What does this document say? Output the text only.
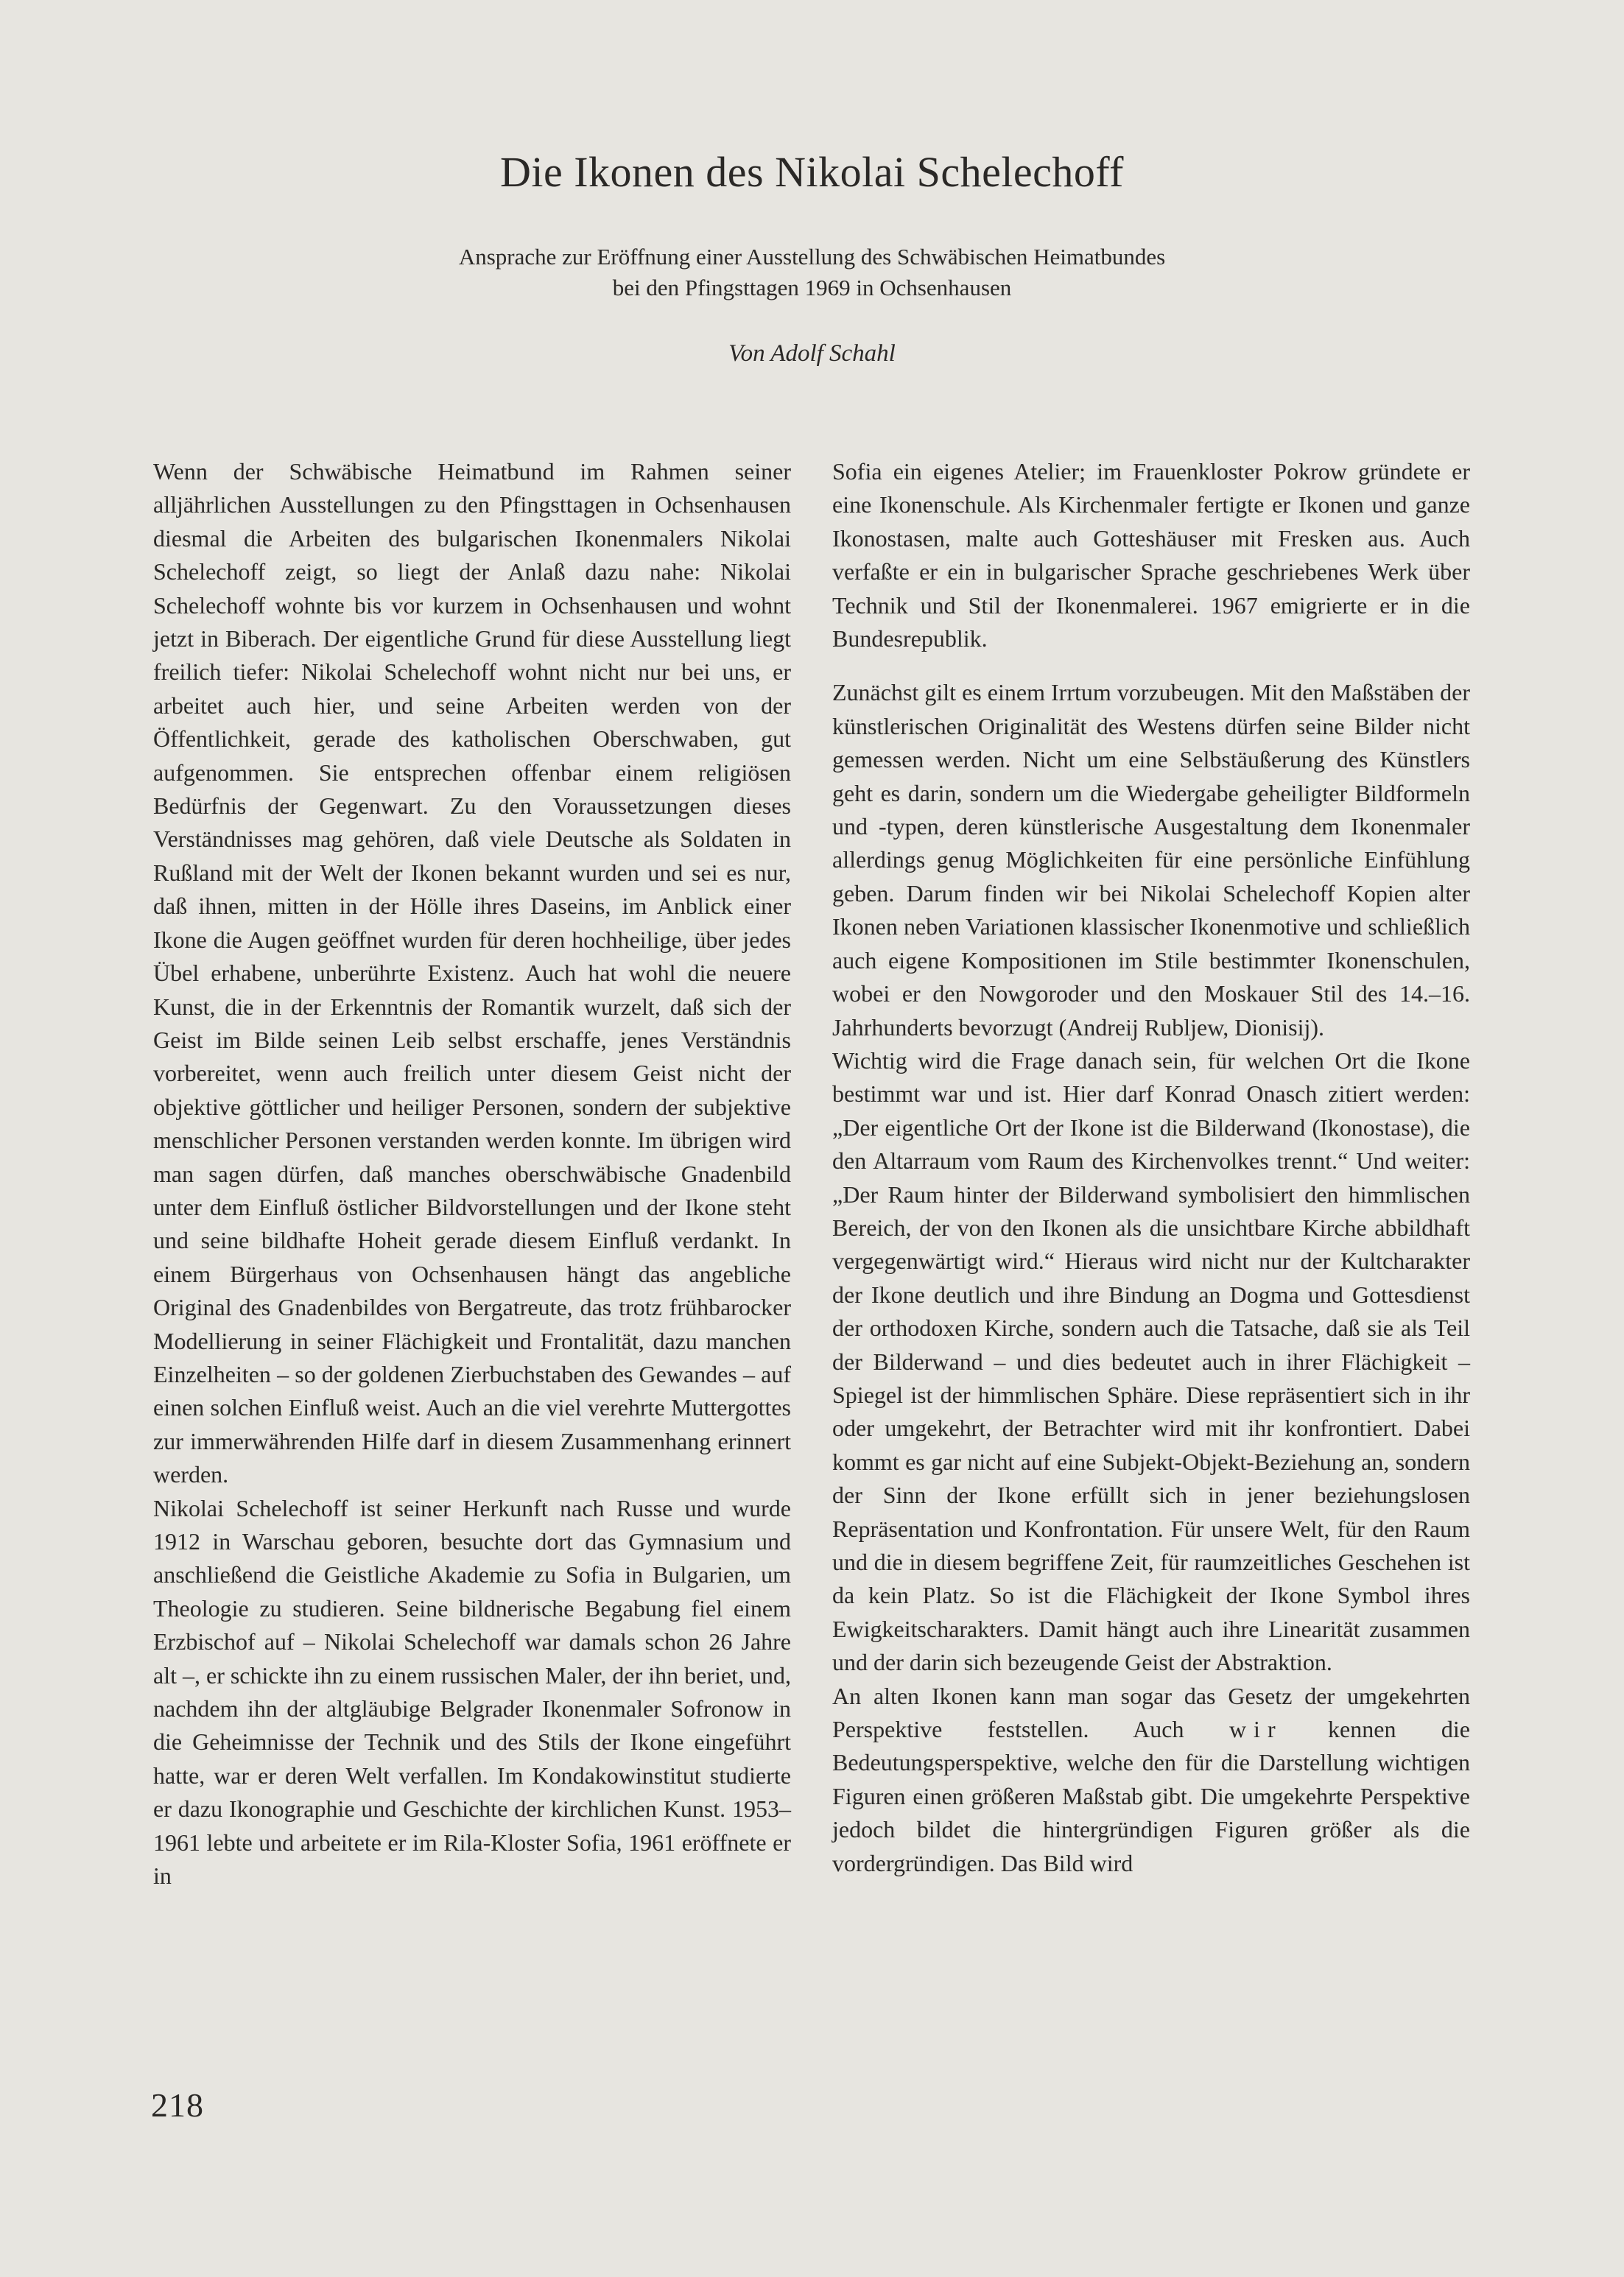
Die Ikonen des Nikolai Schelechoff
Ansprache zur Eröffnung einer Ausstellung des Schwäbischen Heimatbundes
bei den Pfingsttagen 1969 in Ochsenhausen
Von Adolf Schahl

Wenn der Schwäbische Heimatbund im Rahmen seiner alljährlichen Ausstellungen zu den Pfingsttagen in Ochsenhausen diesmal die Arbeiten des bulgarischen Ikonenmalers Nikolai Schelechoff zeigt, so liegt der Anlaß dazu nahe: Nikolai Schelechoff wohnte bis vor kurzem in Ochsenhausen und wohnt jetzt in Biberach. Der eigentliche Grund für diese Ausstellung liegt freilich tiefer: Nikolai Schelechoff wohnt nicht nur bei uns, er arbeitet auch hier, und seine Arbeiten werden von der Öffentlichkeit, gerade des katholischen Oberschwaben, gut aufgenommen. Sie entsprechen offenbar einem religiösen Bedürfnis der Gegenwart. Zu den Voraussetzungen dieses Verständnisses mag gehören, daß viele Deutsche als Soldaten in Rußland mit der Welt der Ikonen bekannt wurden und sei es nur, daß ihnen, mitten in der Hölle ihres Daseins, im Anblick einer Ikone die Augen geöffnet wurden für deren hochheilige, über jedes Übel erhabene, unberührte Existenz. Auch hat wohl die neuere Kunst, die in der Erkenntnis der Romantik wurzelt, daß sich der Geist im Bilde seinen Leib selbst erschaffe, jenes Verständnis vorbereitet, wenn auch freilich unter diesem Geist nicht der objektive göttlicher und heiliger Personen, sondern der subjektive menschlicher Personen verstanden werden konnte. Im übrigen wird man sagen dürfen, daß manches oberschwäbische Gnadenbild unter dem Einfluß östlicher Bildvorstellungen und der Ikone steht und seine bildhafte Hoheit gerade diesem Einfluß verdankt. In einem Bürgerhaus von Ochsenhausen hängt das angebliche Original des Gnadenbildes von Bergatreute, das trotz frühbarocker Modellierung in seiner Flächigkeit und Frontalität, dazu manchen Einzelheiten – so der goldenen Zierbuchstaben des Gewandes – auf einen solchen Einfluß weist. Auch an die viel verehrte Muttergottes zur immerwährenden Hilfe darf in diesem Zusammenhang erinnert werden.

Nikolai Schelechoff ist seiner Herkunft nach Russe und wurde 1912 in Warschau geboren, besuchte dort das Gymnasium und anschließend die Geistliche Akademie zu Sofia in Bulgarien, um Theologie zu studieren. Seine bildnerische Begabung fiel einem Erzbischof auf – Nikolai Schelechoff war damals schon 26 Jahre alt –, er schickte ihn zu einem russischen Maler, der ihn beriet, und, nachdem ihn der altgläubige Belgrader Ikonenmaler Sofronow in die Geheimnisse der Technik und des Stils der Ikone eingeführt hatte, war er deren Welt verfallen. Im Kondakowinstitut studierte er dazu Ikonographie und Geschichte der kirchlichen Kunst. 1953–1961 lebte und arbeitete er im Rila-Kloster Sofia, 1961 eröffnete er in

Sofia ein eigenes Atelier; im Frauenkloster Pokrow gründete er eine Ikonenschule. Als Kirchenmaler fertigte er Ikonen und ganze Ikonostasen, malte auch Gotteshäuser mit Fresken aus. Auch verfaßte er ein in bulgarischer Sprache geschriebenes Werk über Technik und Stil der Ikonenmalerei. 1967 emigrierte er in die Bundesrepublik.

Zunächst gilt es einem Irrtum vorzubeugen. Mit den Maßstäben der künstlerischen Originalität des Westens dürfen seine Bilder nicht gemessen werden. Nicht um eine Selbstäußerung des Künstlers geht es darin, sondern um die Wiedergabe geheiligter Bildformeln und -typen, deren künstlerische Ausgestaltung dem Ikonenmaler allerdings genug Möglichkeiten für eine persönliche Einfühlung geben. Darum finden wir bei Nikolai Schelechoff Kopien alter Ikonen neben Variationen klassischer Ikonenmotive und schließlich auch eigene Kompositionen im Stile bestimmter Ikonenschulen, wobei er den Nowgoroder und den Moskauer Stil des 14.–16. Jahrhunderts bevorzugt (Andreij Rubljew, Dionisij).

Wichtig wird die Frage danach sein, für welchen Ort die Ikone bestimmt war und ist. Hier darf Konrad Onasch zitiert werden: „Der eigentliche Ort der Ikone ist die Bilderwand (Ikonostase), die den Altarraum vom Raum des Kirchenvolkes trennt.“ Und weiter: „Der Raum hinter der Bilderwand symbolisiert den himmlischen Bereich, der von den Ikonen als die unsichtbare Kirche abbildhaft vergegenwärtigt wird.“ Hieraus wird nicht nur der Kultcharakter der Ikone deutlich und ihre Bindung an Dogma und Gottesdienst der orthodoxen Kirche, sondern auch die Tatsache, daß sie als Teil der Bilderwand – und dies bedeutet auch in ihrer Flächigkeit – Spiegel ist der himmlischen Sphäre. Diese repräsentiert sich in ihr oder umgekehrt, der Betrachter wird mit ihr konfrontiert. Dabei kommt es gar nicht auf eine Subjekt-Objekt-Beziehung an, sondern der Sinn der Ikone erfüllt sich in jener beziehungslosen Repräsentation und Konfrontation. Für unsere Welt, für den Raum und die in diesem begriffene Zeit, für raumzeitliches Geschehen ist da kein Platz. So ist die Flächigkeit der Ikone Symbol ihres Ewigkeitscharakters. Damit hängt auch ihre Linearität zusammen und der darin sich bezeugende Geist der Abstraktion.

An alten Ikonen kann man sogar das Gesetz der umgekehrten Perspektive feststellen. Auch wir kennen die Bedeutungsperspektive, welche den für die Darstellung wichtigen Figuren einen größeren Maßstab gibt. Die umgekehrte Perspektive jedoch bildet die hintergründigen Figuren größer als die vordergründigen. Das Bild wird

218
